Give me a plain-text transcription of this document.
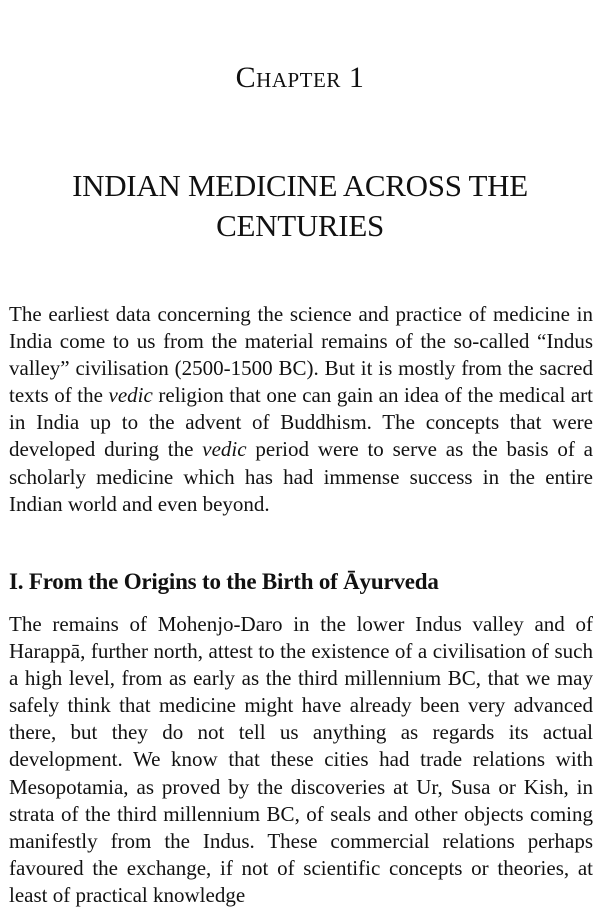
Chapter 1
INDIAN MEDICINE ACROSS THE CENTURIES
The earliest data concerning the science and practice of medicine in India come to us from the material remains of the so-called “Indus valley” civilisation (2500-1500 BC). But it is mostly from the sacred texts of the vedic religion that one can gain an idea of the medical art in India up to the advent of Buddhism. The concepts that were developed during the vedic period were to serve as the basis of a scholarly medicine which has had immense success in the entire Indian world and even beyond.
I. From the Origins to the Birth of Āyurveda
The remains of Mohenjo-Daro in the lower Indus valley and of Harappā, further north, attest to the existence of a civilisation of such a high level, from as early as the third millennium BC, that we may safely think that medicine might have already been very advanced there, but they do not tell us anything as regards its actual development. We know that these cities had trade relations with Mesopotamia, as proved by the discoveries at Ur, Susa or Kish, in strata of the third millennium BC, of seals and other objects coming manifestly from the Indus. These commercial relations perhaps favoured the exchange, if not of scientific concepts or theories, at least of practical knowledge
